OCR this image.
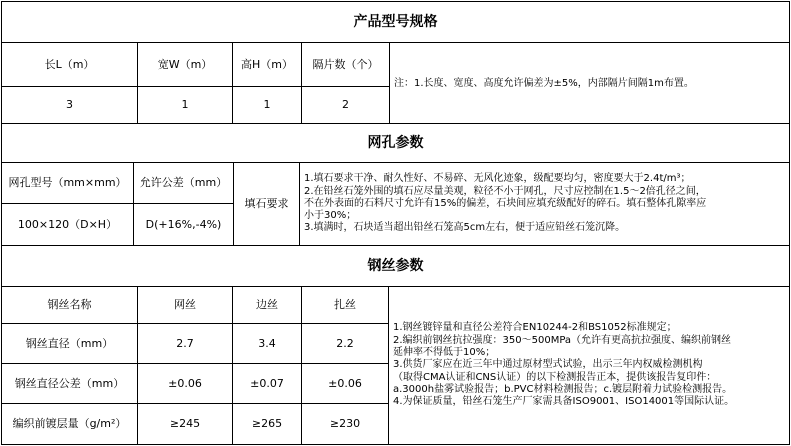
产品型号规格
长L（m）	宽W（m）	高H（m）	隔片数（个）
3	1	1	2
注：1.长度、宽度、高度允许偏差为±5%，内部隔片间隔1m布置。
网孔参数
网孔型号（mm×mm）	允许公差（mm）
100×120（D×H）	D(+16%,-4%)
填石要求
1.填石要求干净、耐久性好、不易碎、无风化迹象，级配要均匀，密度要大于2.4t/m³；
2.在铅丝石笼外围的填石应尽量美观，粒径不小于网孔，尺寸应控制在1.5～2倍孔径之间，
不在外表面的石料尺寸允许有15%的偏差，石块间应填充级配好的碎石。填石整体孔隙率应
小于30%；
3.填满时，石块适当超出铅丝石笼高5cm左右，便于适应铅丝石笼沉降。
钢丝参数
钢丝名称	网丝	边丝	扎丝
钢丝直径（mm）	2.7	3.4	2.2
钢丝直径公差（mm）	±0.06	±0.07	±0.06
编织前镀层量（g/m²）	≥245	≥265	≥230
1.钢丝镀锌量和直径公差符合EN10244-2和BS1052标准规定；
2.编织前钢丝抗拉强度：350～500MPa（允许有更高抗拉强度、编织前钢丝
延伸率不得低于10%；
3.供货厂家应在近三年中通过原材型式试验，出示三年内权威检测机构
（取得CMA认证和CNS认证）的以下检测报告正本，提供该报告复印件：
a.3000h盐雾试验报告；b.PVC材料检测报告；c.镀层附着力试验检测报告。
4.为保证质量，铅丝石笼生产厂家需具备ISO9001、ISO14001等国际认证。
